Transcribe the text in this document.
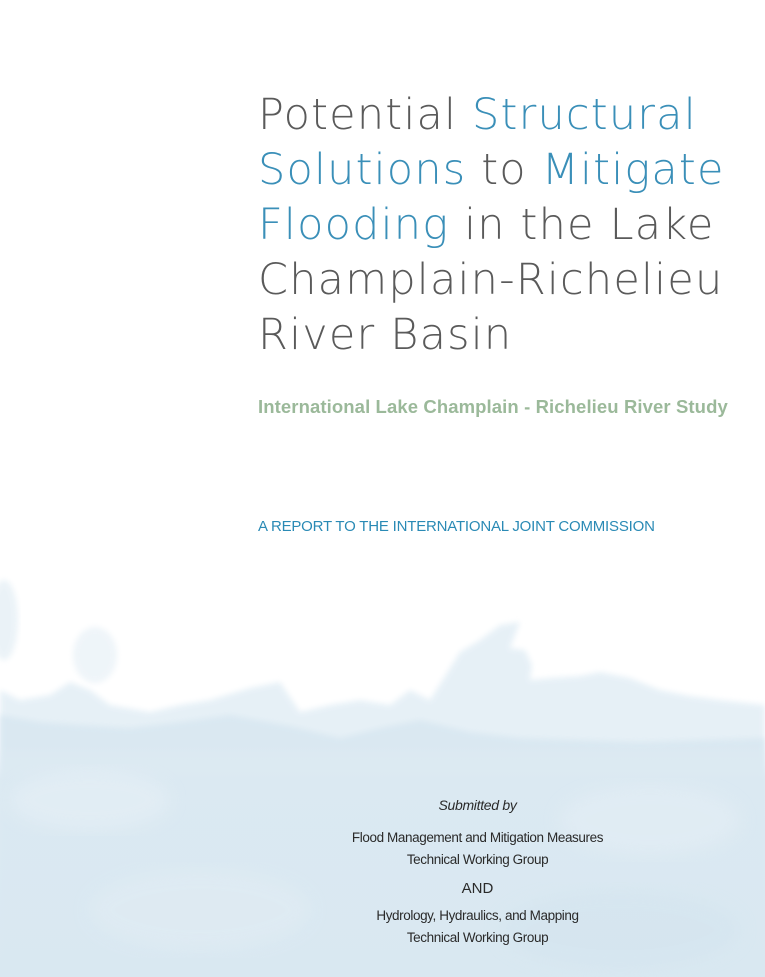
Potential Structural
Solutions to Mitigate
Flooding in the Lake
Champlain-Richelieu
River Basin

International Lake Champlain - Richelieu River Study

A REPORT TO THE INTERNATIONAL JOINT COMMISSION

Submitted by
Flood Management and Mitigation Measures
Technical Working Group
AND
Hydrology, Hydraulics, and Mapping
Technical Working Group
